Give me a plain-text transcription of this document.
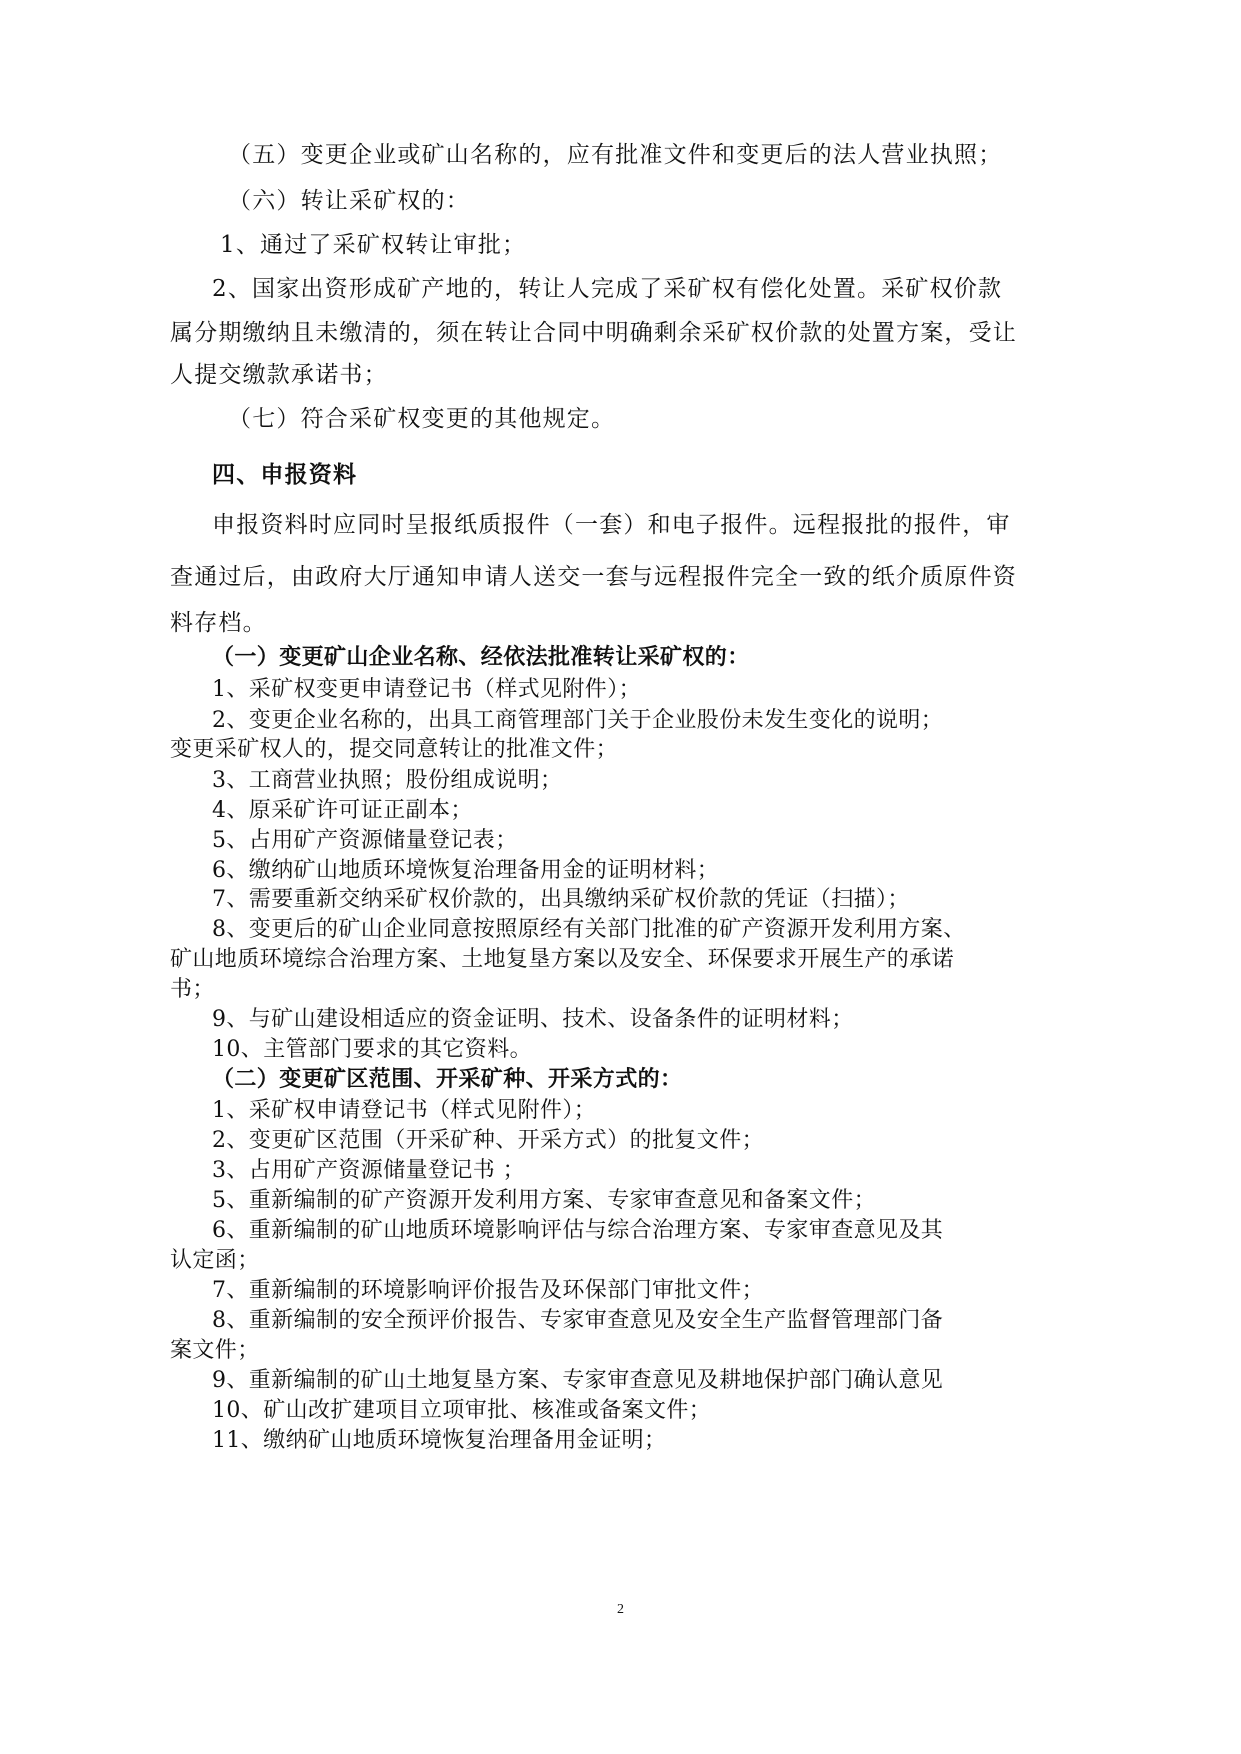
（五）变更企业或矿山名称的，应有批准文件和变更后的法人营业执照；

（六）转让采矿权的：

1、通过了采矿权转让审批；

2、国家出资形成矿产地的，转让人完成了采矿权有偿化处置。采矿权价款

属分期缴纳且未缴清的，须在转让合同中明确剩余采矿权价款的处置方案，受让

人提交缴款承诺书；

（七）符合采矿权变更的其他规定。

四、申报资料

申报资料时应同时呈报纸质报件（一套）和电子报件。远程报批的报件，审

查通过后，由政府大厅通知申请人送交一套与远程报件完全一致的纸介质原件资

料存档。

（一）变更矿山企业名称、经依法批准转让采矿权的：

1、采矿权变更申请登记书（样式见附件）；

2、变更企业名称的，出具工商管理部门关于企业股份未发生变化的说明；

变更采矿权人的，提交同意转让的批准文件；

3、工商营业执照；股份组成说明；

4、原采矿许可证正副本；

5、占用矿产资源储量登记表；

6、缴纳矿山地质环境恢复治理备用金的证明材料；

7、需要重新交纳采矿权价款的，出具缴纳采矿权价款的凭证（扫描）；

8、变更后的矿山企业同意按照原经有关部门批准的矿产资源开发利用方案、

矿山地质环境综合治理方案、土地复垦方案以及安全、环保要求开展生产的承诺

书；

9、与矿山建设相适应的资金证明、技术、设备条件的证明材料；

10、主管部门要求的其它资料。

（二）变更矿区范围、开采矿种、开采方式的：

1、采矿权申请登记书（样式见附件）；

2、变更矿区范围（开采矿种、开采方式）的批复文件；

3、占用矿产资源储量登记书 ；

5、重新编制的矿产资源开发利用方案、专家审查意见和备案文件；

6、重新编制的矿山地质环境影响评估与综合治理方案、专家审查意见及其

认定函；

7、重新编制的环境影响评价报告及环保部门审批文件；

8、重新编制的安全预评价报告、专家审查意见及安全生产监督管理部门备

案文件；

9、重新编制的矿山土地复垦方案、专家审查意见及耕地保护部门确认意见

10、矿山改扩建项目立项审批、核准或备案文件；

11、缴纳矿山地质环境恢复治理备用金证明；

2
